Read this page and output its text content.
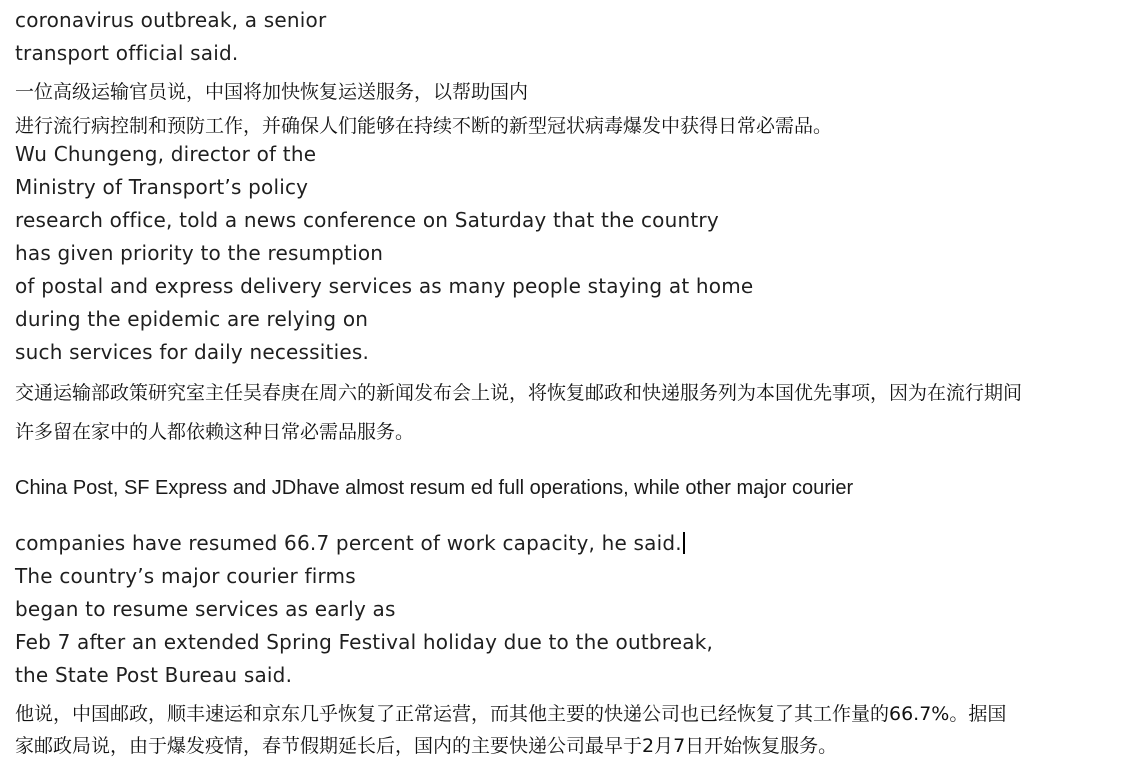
coronavirus outbreak, a senior
transport official said.
一位高级运输官员说，中国将加快恢复运送服务，以帮助国内
进行流行病控制和预防工作，并确保人们能够在持续不断的新型冠状病毒爆发中获得日常必需品。
Wu Chungeng, director of the
Ministry of Transport’s policy
research office, told a news conference on Saturday that the country
has given priority to the resumption
of postal and express delivery services as many people staying at home
during the epidemic are relying on
such services for daily necessities.
交通运输部政策研究室主任吴春庚在周六的新闻发布会上说，将恢复邮政和快递服务列为本国优先事项，因为在流行期间
许多留在家中的人都依赖这种日常必需品服务。
China Post, SF Express and JDhave almost resum ed full operations, while other major courier
companies have resumed 66.7 percent of work capacity, he said.
The country’s major courier firms
began to resume services as early as
Feb 7 after an extended Spring Festival holiday due to the outbreak,
the State Post Bureau said.
他说，中国邮政，顺丰速运和京东几乎恢复了正常运营，而其他主要的快递公司也已经恢复了其工作量的66.7%。据国
家邮政局说，由于爆发疫情，春节假期延长后，国内的主要快递公司最早于2月7日开始恢复服务。
